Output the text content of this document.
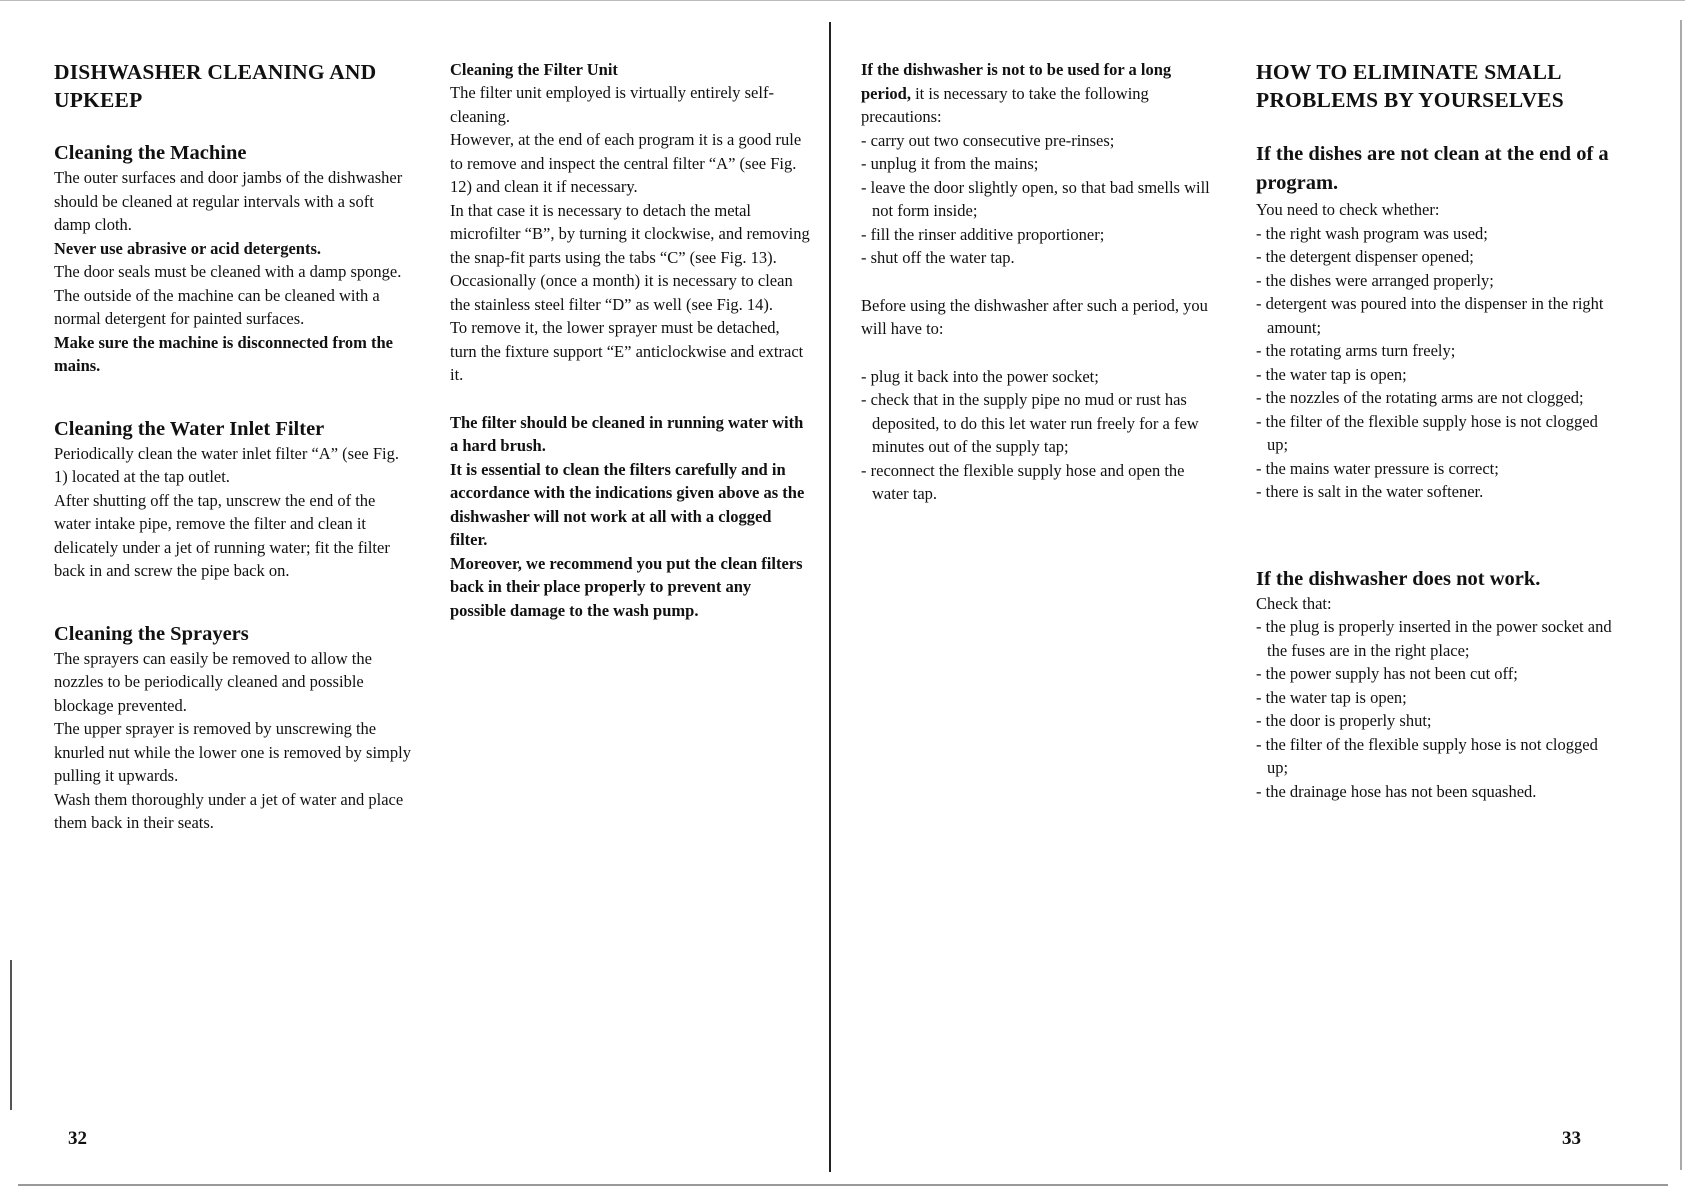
DISHWASHER CLEANING AND UPKEEP
Cleaning the Machine

The outer surfaces and door jambs of the dishwasher should be cleaned at regular intervals with a soft damp cloth.

Never use abrasive or acid detergents.

The door seals must be cleaned with a damp sponge.

The outside of the machine can be cleaned with a normal detergent for painted surfaces.

Make sure the machine is disconnected from the mains.

Cleaning the Water Inlet Filter

Periodically clean the water inlet filter “A” (see Fig. 1) located at the tap outlet.

After shutting off the tap, unscrew the end of the water intake pipe, remove the filter and clean it delicately under a jet of running water; fit the filter back in and screw the pipe back on.

Cleaning the Sprayers

The sprayers can easily be removed to allow the nozzles to be periodically cleaned and possible blockage prevented.

The upper sprayer is removed by unscrewing the knurled nut while the lower one is removed by simply pulling it upwards.

Wash them thoroughly under a jet of water and place them back in their seats.

Cleaning the Filter Unit

The filter unit employed is virtually entirely self-cleaning.

However, at the end of each program it is a good rule to remove and inspect the central filter “A” (see Fig. 12) and clean it if necessary.

In that case it is necessary to detach the metal microfilter “B”, by turning it clockwise, and removing the snap-fit parts using the tabs “C” (see Fig. 13).

Occasionally (once a month) it is necessary to clean the stainless steel filter “D” as well (see Fig. 14).

To remove it, the lower sprayer must be detached, turn the fixture support “E” anticlockwise and extract it.

The filter should be cleaned in running water with a hard brush.

It is essential to clean the filters carefully and in accordance with the indications given above as the dishwasher will not work at all with a clogged filter.

Moreover, we recommend you put the clean filters back in their place properly to prevent any possible damage to the wash pump.

32

If the dishwasher is not to be used for a long period, it is necessary to take the following precautions:

- carry out two consecutive pre-rinses;
- unplug it from the mains;
- leave the door slightly open, so that bad smells will not form inside;
- fill the rinser additive proportioner;
- shut off the water tap.

Before using the dishwasher after such a period, you will have to:

- plug it back into the power socket;
- check that in the supply pipe no mud or rust has deposited, to do this let water run freely for a few minutes out of the supply tap;
- reconnect the flexible supply hose and open the water tap.
HOW TO ELIMINATE SMALL PROBLEMS BY YOURSELVES
If the dishes are not clean at the end of a program.

You need to check whether:

- the right wash program was used;
- the detergent dispenser opened;
- the dishes were arranged properly;
- detergent was poured into the dispenser in the right amount;
- the rotating arms turn freely;
- the water tap is open;
- the nozzles of the rotating arms are not clogged;
- the filter of the flexible supply hose is not clogged up;
- the mains water pressure is correct;
- there is salt in the water softener.
If the dishwasher does not work.

Check that:

- the plug is properly inserted in the power socket and the fuses are in the right place;
- the power supply has not been cut off;
- the water tap is open;
- the door is properly shut;
- the filter of the flexible supply hose is not clogged up;
- the drainage hose has not been squashed.
33
